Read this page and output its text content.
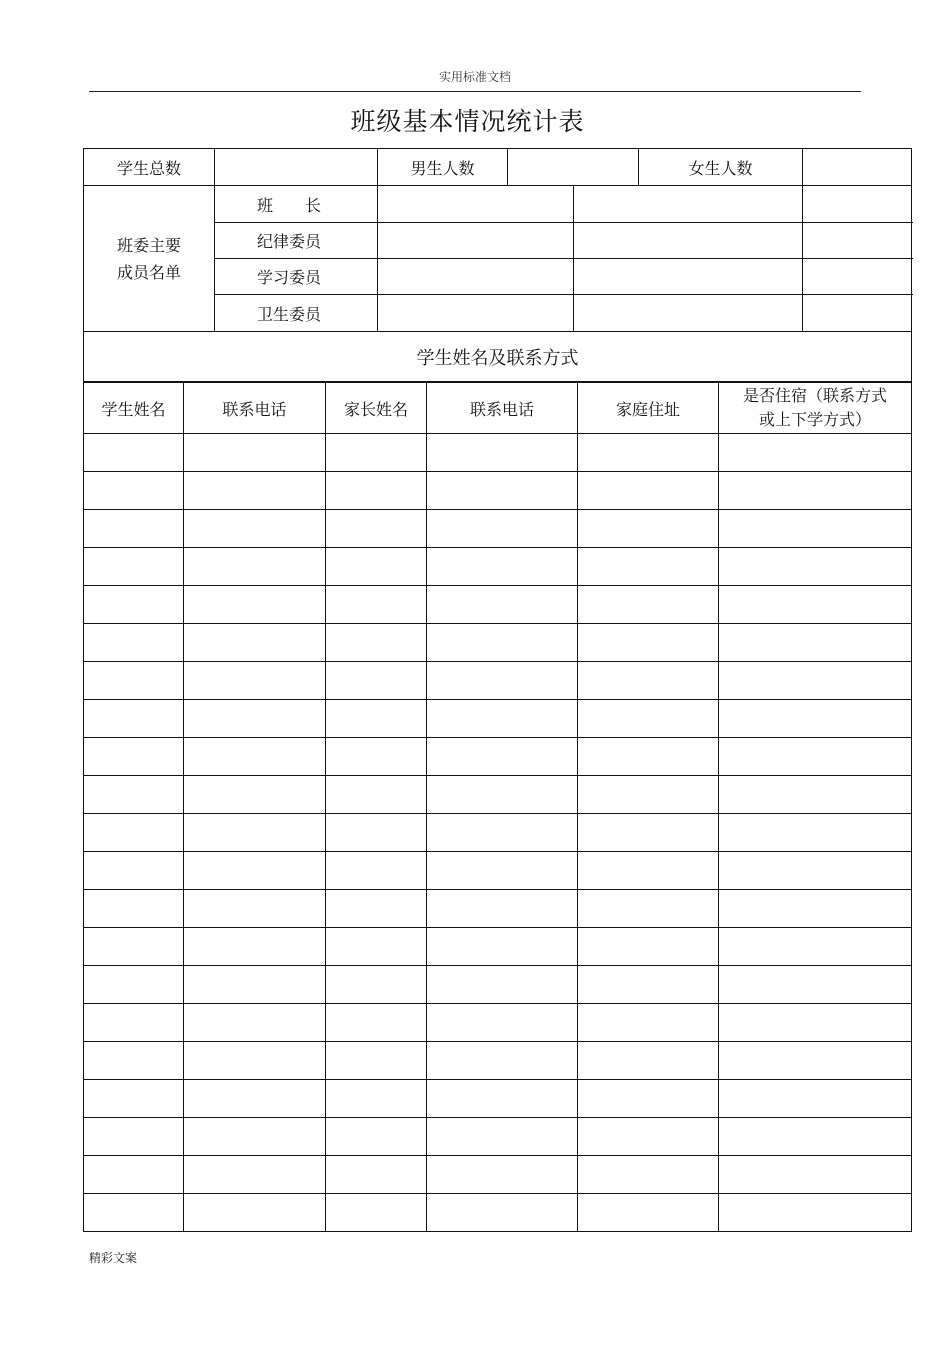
实用标准文档
班级基本情况统计表
学生总数		男生人数			女生人数	

班委主要
成员名单	班　　长					
	纪律委员					
	学习委员					
	卫生委员					
学生姓名及联系方式						
学生姓名	联系电话	家长姓名	联系电话	家庭住址	是否住宿（联系方式
或上下学方式）

精彩文案
